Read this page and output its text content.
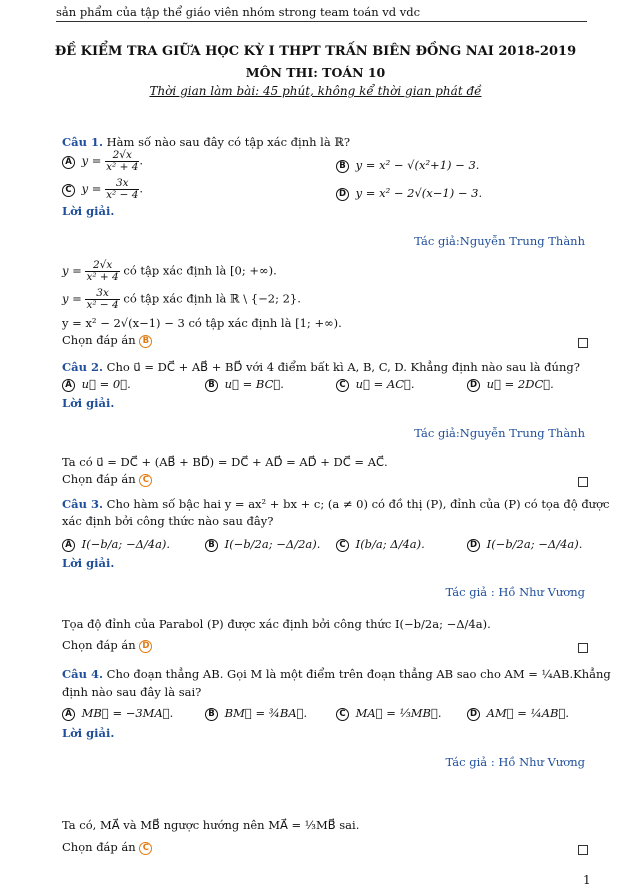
sản phẩm của tập thể giáo viên nhóm strong team toán vd vdc
ĐỀ KIỂM TRA GIỮA HỌC KỲ I THPT TRẤN BIÊN ĐỒNG NAI 2018-2019
MÔN THI: TOÁN 10
Thời gian làm bài: 45 phút, không kể thời gian phát đề
Câu 1. Hàm số nào sau đây có tập xác định là ℝ?
A $y = \frac{2√x}{\text{x² + 4}}$ .	B y = x² − √(x²+1) − 3.
C $y = \frac{3x}{\text{x² − 4}}$ .	D y = x² − 2√(x−1) − 3.
Lời giải.
Tác giả:Nguyễn Trung Thành
$y = \frac{2√x}{\text{x² + 4}}$ có tập xác định là [0; +∞).
$y = \frac{3x}{\text{x² − 4}}$ có tập xác định là ℝ \ {−2; 2}.
y = x² − 2√(x−1) − 3 có tập xác định là [1; +∞).
Chọn đáp án B
Câu 2. Cho u⃗ = DC⃗ + AB⃗ + BD⃗ với 4 điểm bất kì A, B, C, D. Khẳng định nào sau là đúng?
A u⃗ = 0⃗.	B u⃗ = BC⃗.	C u⃗ = AC⃗.	D u⃗ = 2DC⃗.
Lời giải.
Tác giả:Nguyễn Trung Thành
Ta có u⃗ = DC⃗ + (AB⃗ + BD⃗) = DC⃗ + AD⃗ = AD⃗ + DC⃗ = AC⃗.
Chọn đáp án C
Câu 3. Cho hàm số bậc hai y = ax² + bx + c; (a ≠ 0) có đồ thị (P), đỉnh của (P) có tọa độ được
xác định bởi công thức nào sau đây?
A I(−b/a; −Δ/4a).	B I(−b/2a; −Δ/2a).	C I(b/a; Δ/4a).	D I(−b/2a; −Δ/4a).
Lời giải.
Tác giả : Hồ Như Vương
Tọa độ đỉnh của Parabol (P) được xác định bởi công thức I(−b/2a; −Δ/4a).
Chọn đáp án D
Câu 4. Cho đoạn thẳng AB. Gọi M là một điểm trên đoạn thẳng AB sao cho AM = ¼AB.Khẳng
định nào sau đây là sai?
A MB⃗ = −3MA⃗.	B BM⃗ = ¾BA⃗.	C MA⃗ = ⅓MB⃗.	D AM⃗ = ¼AB⃗.
Lời giải.
Tác giả : Hồ Như Vương
Ta có, MA⃗ và MB⃗ ngược hướng nên MA⃗ = ⅓MB⃗ sai.
Chọn đáp án C
1
